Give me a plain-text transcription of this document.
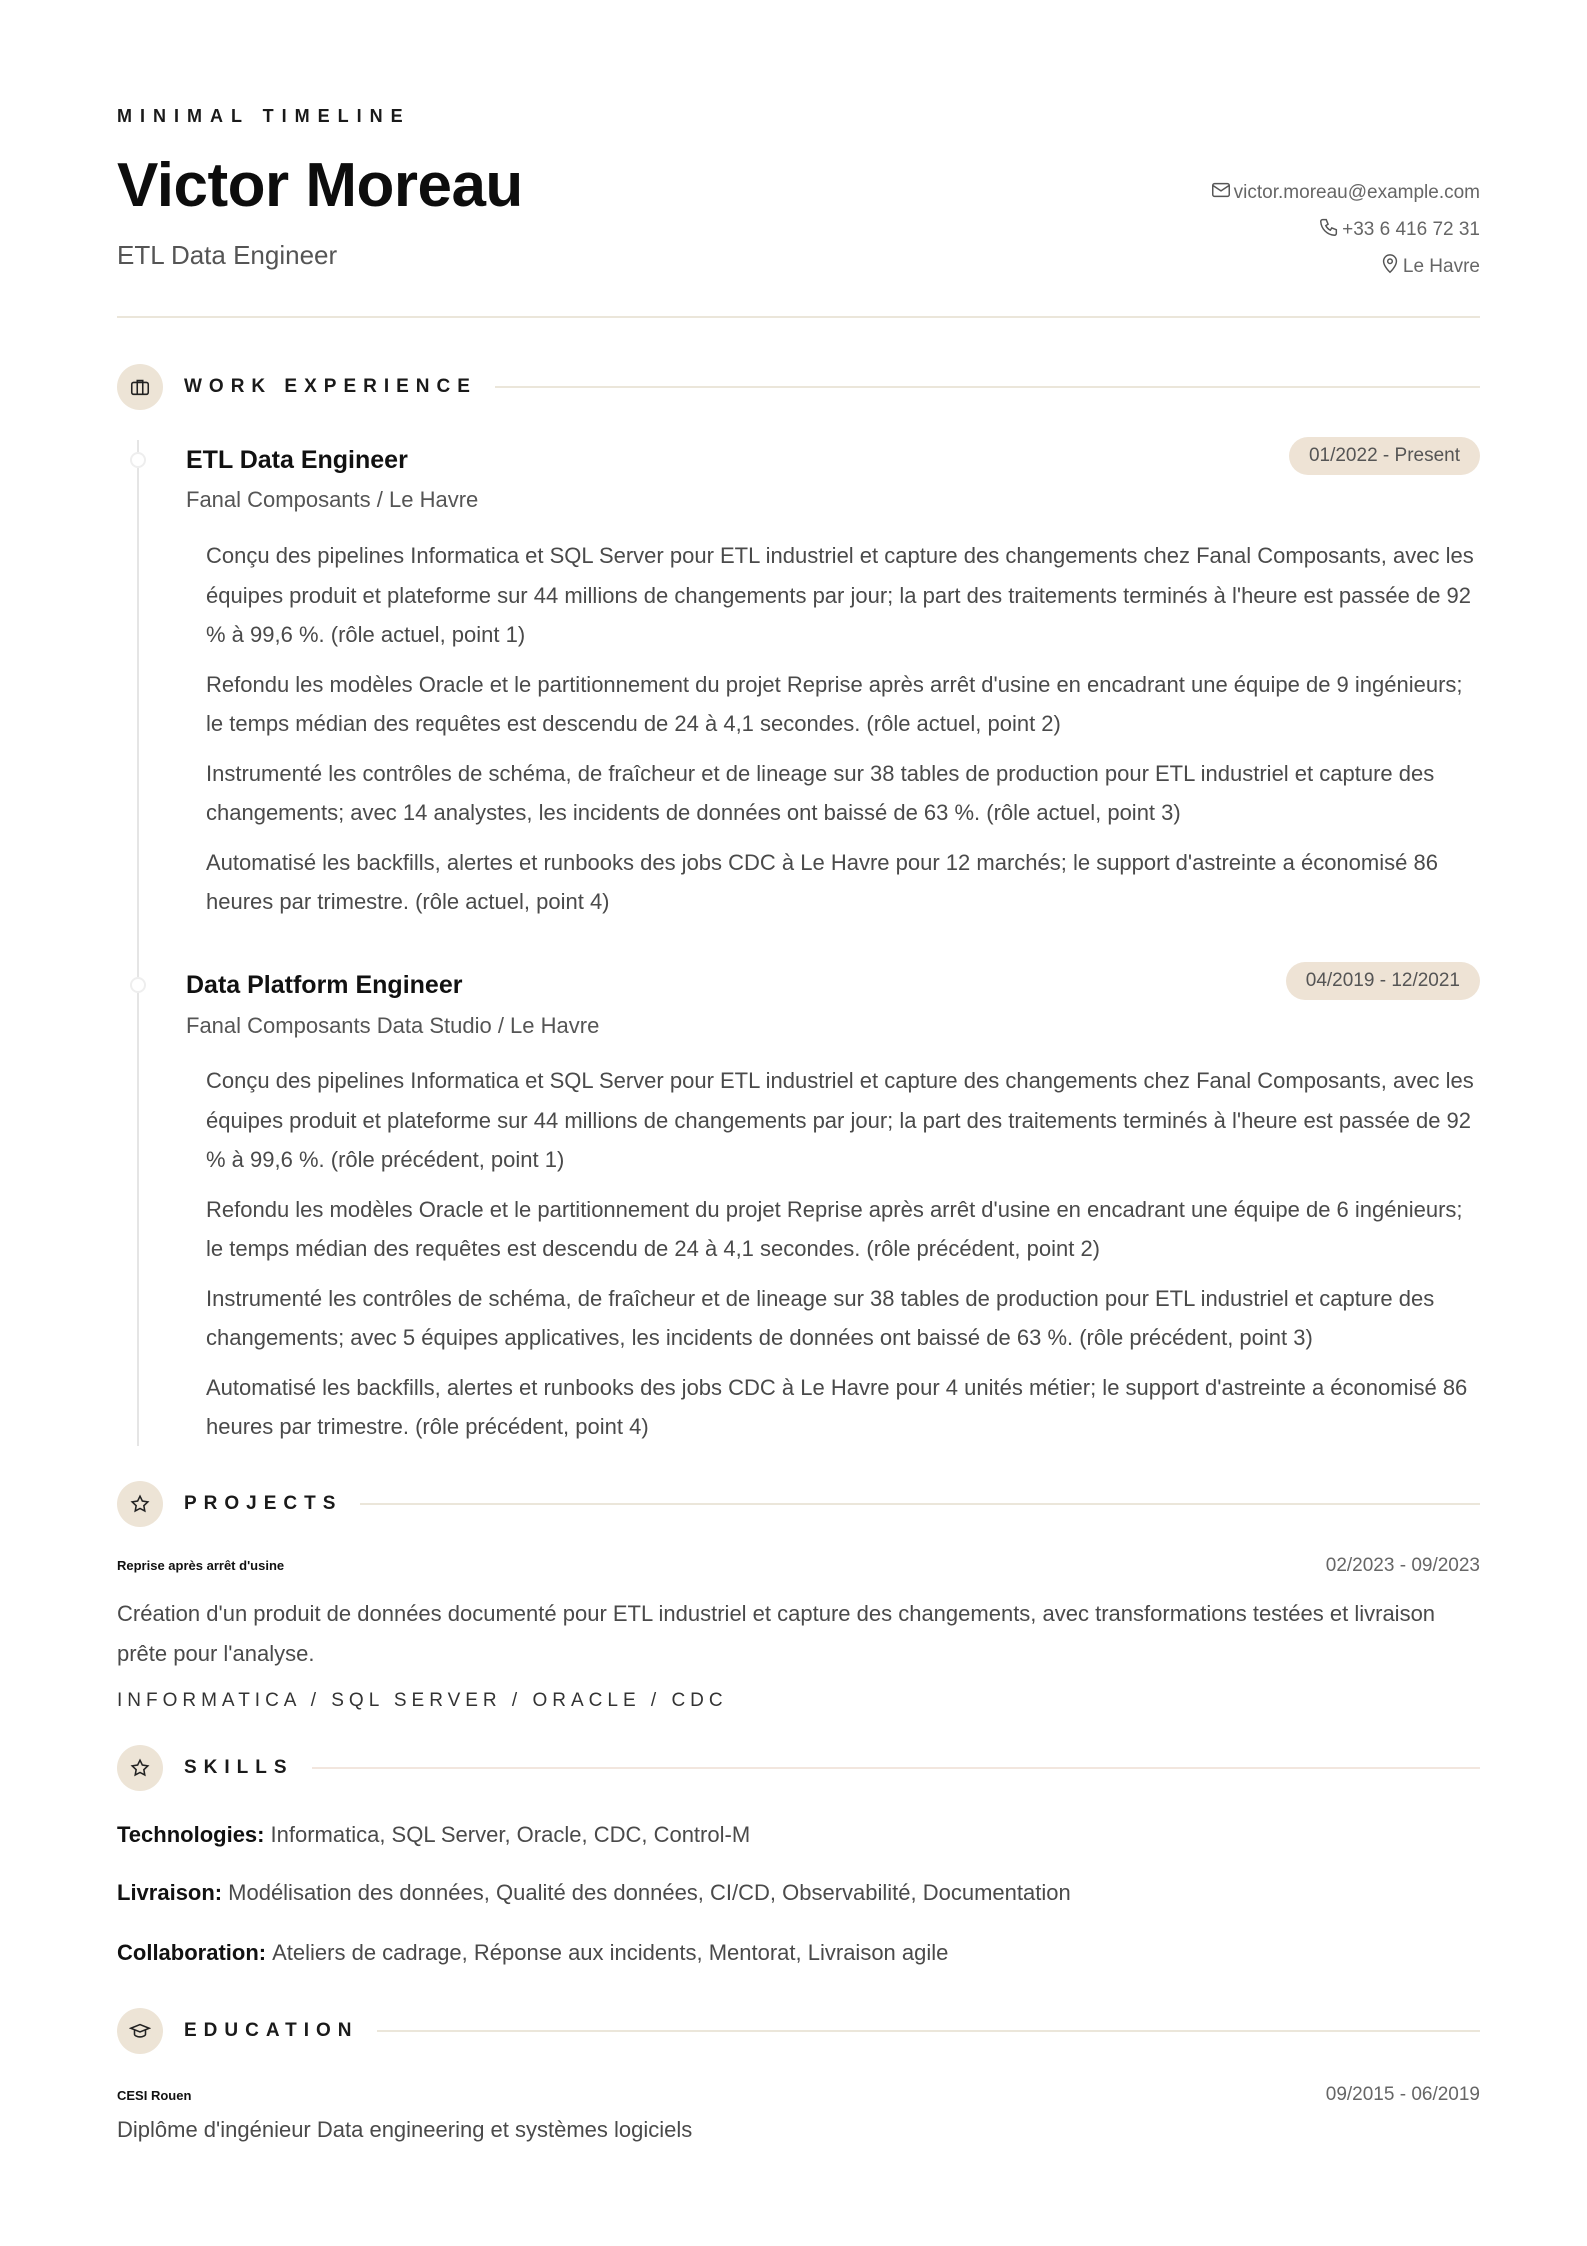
MINIMAL TIMELINE
Victor Moreau
ETL Data Engineer
victor.moreau@example.com
+33 6 416 72 31
Le Havre
WORK EXPERIENCE
ETL Data Engineer
Fanal Composants / Le Havre
01/2022 - Present
Conçu des pipelines Informatica et SQL Server pour ETL industriel et capture des changements chez Fanal Composants, avec les équipes produit et plateforme sur 44 millions de changements par jour; la part des traitements terminés à l'heure est passée de 92 % à 99,6 %. (rôle actuel, point 1)
Refondu les modèles Oracle et le partitionnement du projet Reprise après arrêt d'usine en encadrant une équipe de 9 ingénieurs; le temps médian des requêtes est descendu de 24 à 4,1 secondes. (rôle actuel, point 2)
Instrumenté les contrôles de schéma, de fraîcheur et de lineage sur 38 tables de production pour ETL industriel et capture des changements; avec 14 analystes, les incidents de données ont baissé de 63 %. (rôle actuel, point 3)
Automatisé les backfills, alertes et runbooks des jobs CDC à Le Havre pour 12 marchés; le support d'astreinte a économisé 86 heures par trimestre. (rôle actuel, point 4)
Data Platform Engineer
Fanal Composants Data Studio / Le Havre
04/2019 - 12/2021
Conçu des pipelines Informatica et SQL Server pour ETL industriel et capture des changements chez Fanal Composants, avec les équipes produit et plateforme sur 44 millions de changements par jour; la part des traitements terminés à l'heure est passée de 92 % à 99,6 %. (rôle précédent, point 1)
Refondu les modèles Oracle et le partitionnement du projet Reprise après arrêt d'usine en encadrant une équipe de 6 ingénieurs; le temps médian des requêtes est descendu de 24 à 4,1 secondes. (rôle précédent, point 2)
Instrumenté les contrôles de schéma, de fraîcheur et de lineage sur 38 tables de production pour ETL industriel et capture des changements; avec 5 équipes applicatives, les incidents de données ont baissé de 63 %. (rôle précédent, point 3)
Automatisé les backfills, alertes et runbooks des jobs CDC à Le Havre pour 4 unités métier; le support d'astreinte a économisé 86 heures par trimestre. (rôle précédent, point 4)
PROJECTS
Reprise après arrêt d'usine	02/2023 - 09/2023
Création d'un produit de données documenté pour ETL industriel et capture des changements, avec transformations testées et livraison prête pour l'analyse.
INFORMATICA / SQL SERVER / ORACLE / CDC
SKILLS
Technologies: Informatica, SQL Server, Oracle, CDC, Control-M
Livraison: Modélisation des données, Qualité des données, CI/CD, Observabilité, Documentation
Collaboration: Ateliers de cadrage, Réponse aux incidents, Mentorat, Livraison agile
EDUCATION
CESI Rouen	09/2015 - 06/2019
Diplôme d'ingénieur Data engineering et systèmes logiciels
